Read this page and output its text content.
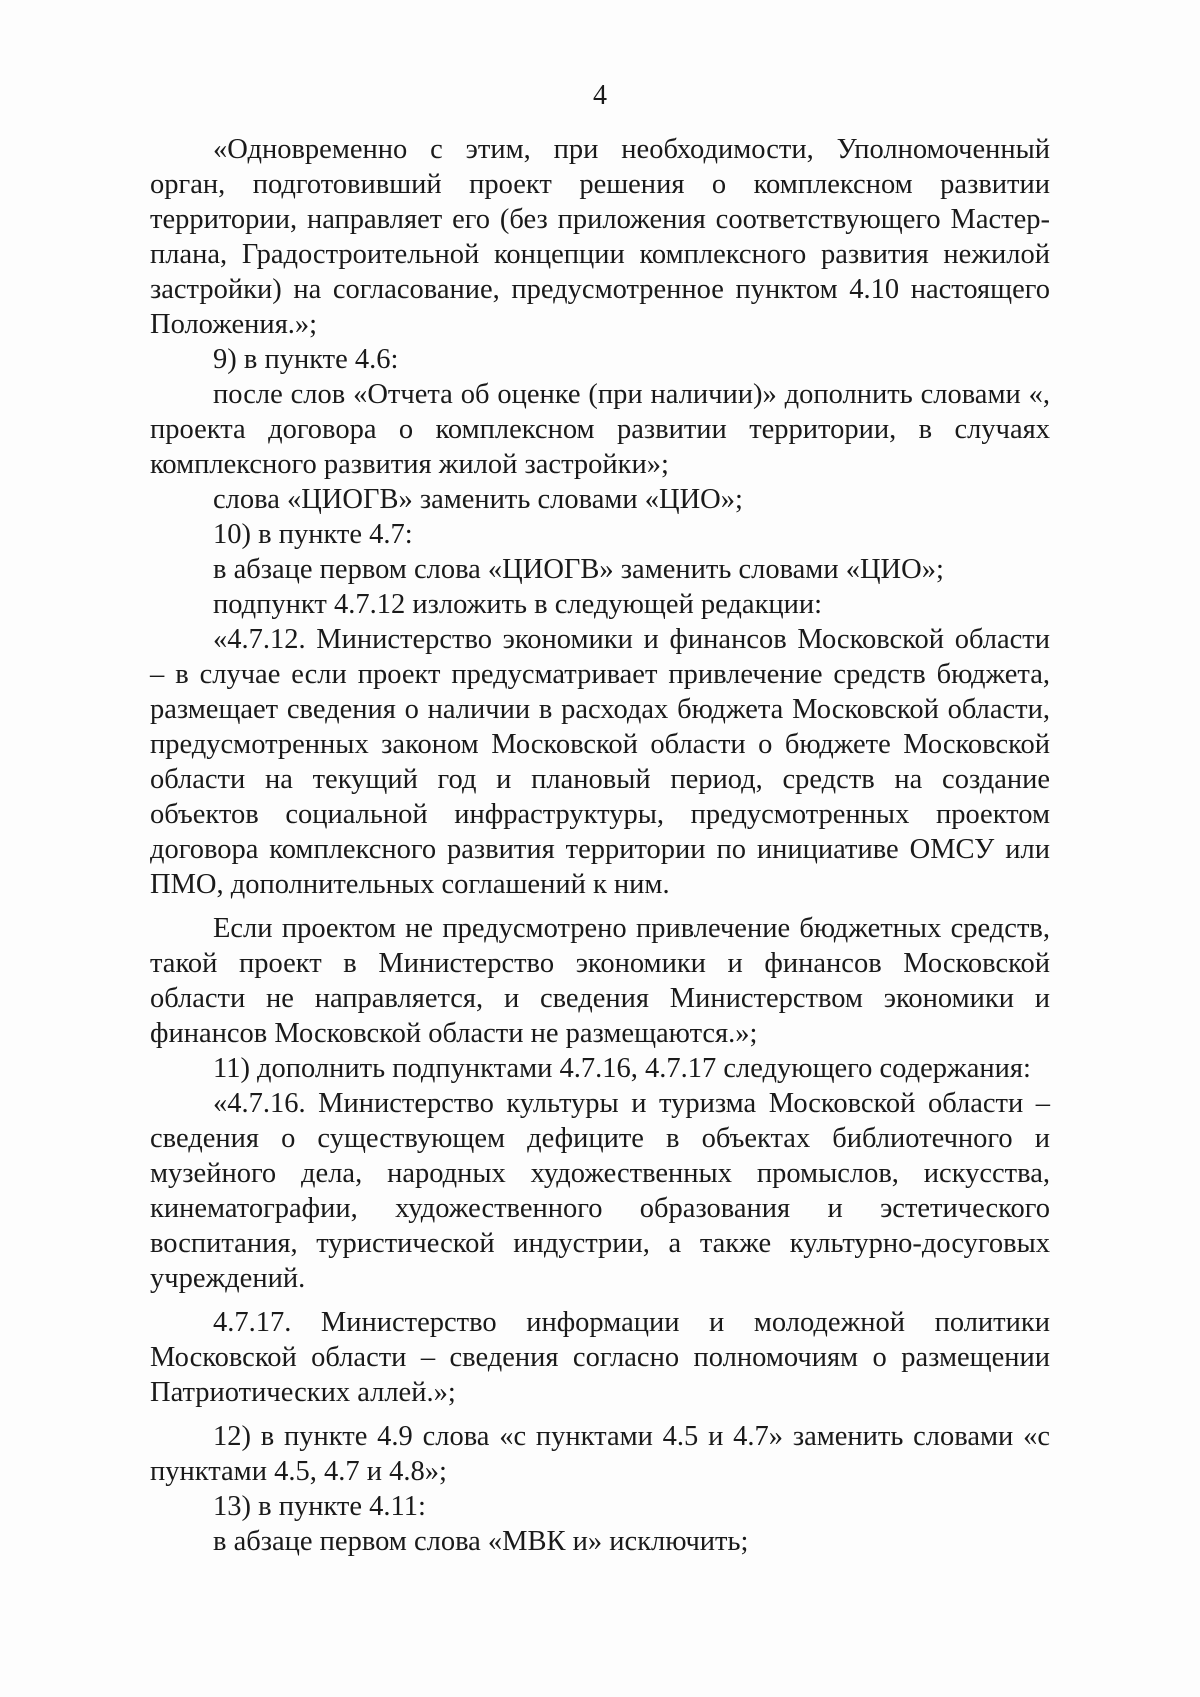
4

«Одновременно с этим, при необходимости, Уполномоченный орган, подготовивший проект решения о комплексном развитии территории, направляет его (без приложения соответствующего Мастер-плана, Градостроительной концепции комплексного развития нежилой застройки) на согласование, предусмотренное пунктом 4.10 настоящего Положения.»;

9) в пункте 4.6:

после слов «Отчета об оценке (при наличии)» дополнить словами «, проекта договора о комплексном развитии территории, в случаях комплексного развития жилой застройки»;

слова «ЦИОГВ» заменить словами «ЦИО»;

10) в пункте 4.7:

в абзаце первом слова «ЦИОГВ» заменить словами «ЦИО»;

подпункт 4.7.12 изложить в следующей редакции:

«4.7.12. Министерство экономики и финансов Московской области – в случае если проект предусматривает привлечение средств бюджета, размещает сведения о наличии в расходах бюджета Московской области, предусмотренных законом Московской области о бюджете Московской области на текущий год и плановый период, средств на создание объектов социальной инфраструктуры, предусмотренных проектом договора комплексного развития территории по инициативе ОМСУ или ПМО, дополнительных соглашений к ним.

Если проектом не предусмотрено привлечение бюджетных средств, такой проект в Министерство экономики и финансов Московской области не направляется, и сведения Министерством экономики и финансов Московской области не размещаются.»;

11) дополнить подпунктами 4.7.16, 4.7.17 следующего содержания:

«4.7.16. Министерство культуры и туризма Московской области – сведения о существующем дефиците в объектах библиотечного и музейного дела, народных художественных промыслов, искусства, кинематографии, художественного образования и эстетического воспитания, туристической индустрии, а также культурно-досуговых учреждений.

4.7.17. Министерство информации и молодежной политики Московской области – сведения согласно полномочиям о размещении Патриотических аллей.»;

12) в пункте 4.9 слова «с пунктами 4.5 и 4.7» заменить словами «с пунктами 4.5, 4.7 и 4.8»;

13) в пункте 4.11:

в абзаце первом слова «МВК и» исключить;
